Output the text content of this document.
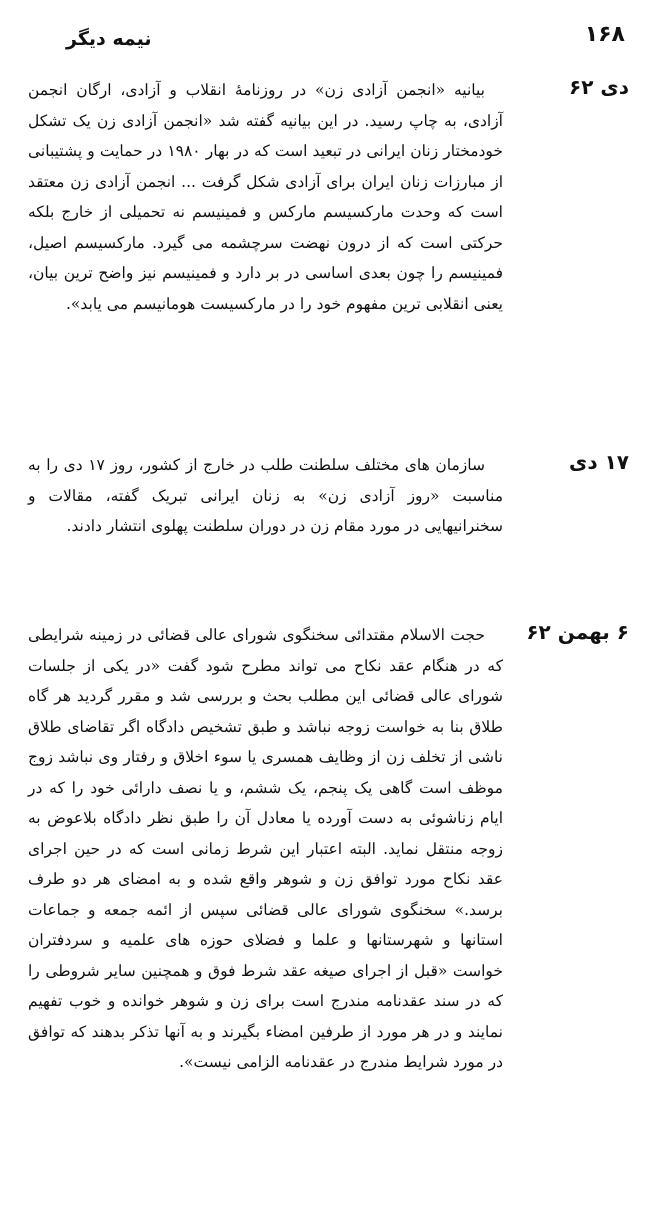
۱۶۸
نیمه دیگر
دی ۶۲

بیانیه «انجمن آزادی زن» در روزنامۀ انقلاب و آزادی، ارگان انجمن آزادی، به چاپ رسید. در این بیانیه گفته شد «انجمن آزادی زن یک تشکل خودمختار زنان ایرانی در تبعید است که در بهار ۱۹۸۰ در حمایت و پشتیبانی از مبارزات زنان ایران برای آزادی شکل گرفت ... انجمن آزادی زن معتقد است که وحدت مارکسیسم مارکس و فمینیسم نه تحمیلی از خارج بلکه حرکتی است که از درون نهضت سرچشمه می گیرد. مارکسیسم اصیل، فمینیسم را چون بعدی اساسی در بر دارد و فمینیسم نیز واضح ترین بیان، یعنی انقلابی ترین مفهوم خود را در مارکسیست هومانیسم می یابد».

۱۷ دی

سازمان های مختلف سلطنت طلب در خارج از کشور، روز ۱۷ دی را به مناسبت «روز آزادی زن» به زنان ایرانی تبریک گفته، مقالات و سخنرانیهایی در مورد مقام زن در دوران سلطنت پهلوی انتشار دادند.

۶ بهمن ۶۲

حجت الاسلام مقتدائی سخنگوی شورای عالی قضائی در زمینه شرایطی که در هنگام عقد نکاح می تواند مطرح شود گفت «در یکی از جلسات شورای عالی قضائی این مطلب بحث و بررسی شد و مقرر گردید هر گاه طلاق بنا به خواست زوجه نباشد و طبق تشخیص دادگاه اگر تقاضای طلاق ناشی از تخلف زن از وظایف همسری یا سوء اخلاق و رفتار وی نباشد زوج موظف است گاهی یک پنجم، یک ششم، و یا نصف دارائی خود را که در ایام زناشوئی به دست آورده یا معادل آن را طبق نظر دادگاه بلاعوض به زوجه منتقل نماید. البته اعتبار این شرط زمانی است که در حین اجرای عقد نکاح مورد توافق زن و شوهر واقع شده و به امضای هر دو طرف برسد.» سخنگوی شورای عالی قضائی سپس از ائمه جمعه و جماعات استانها و شهرستانها و علما و فضلای حوزه های علمیه و سردفتران خواست «قبل از اجرای صیغه عقد شرط فوق و همچنین سایر شروطی را که در سند عقدنامه مندرج است برای زن و شوهر خوانده و خوب تفهیم نمایند و در هر مورد از طرفین امضاء بگیرند و به آنها تذکر بدهند که توافق در مورد شرایط مندرج در عقدنامه الزامی نیست».
